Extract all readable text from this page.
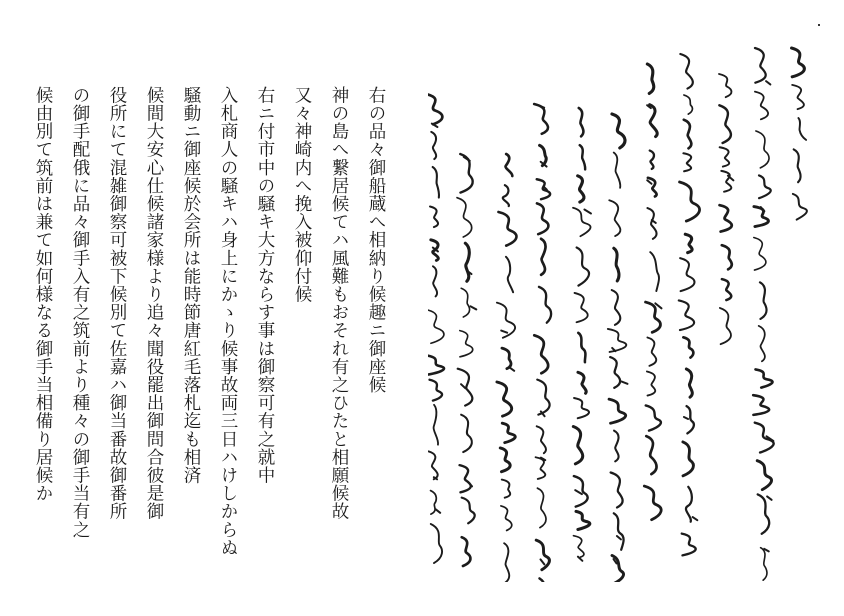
右の品々御船蔵へ相納り候趣ニ御座候
神の島へ繋居候てハ風難もおそれ有之ひたと相願候故
又々神崎内へ挽入被仰付候
右ニ付市中の騒キ大方ならす事は御察可有之就中
入札商人の騒キハ身上にかゝり候事故両三日ハけしからぬ
騒動ニ御座候於会所は能時節唐紅毛落札迄も相済
候間大安心仕候諸家様より追々聞役罷出御問合彼是御
役所にて混雑御察可被下候別て佐嘉ハ御当番故御番所
の御手配俄に品々御手入有之筑前より種々の御手当有之
候由別て筑前は兼て如何様なる御手当相備り居候か
